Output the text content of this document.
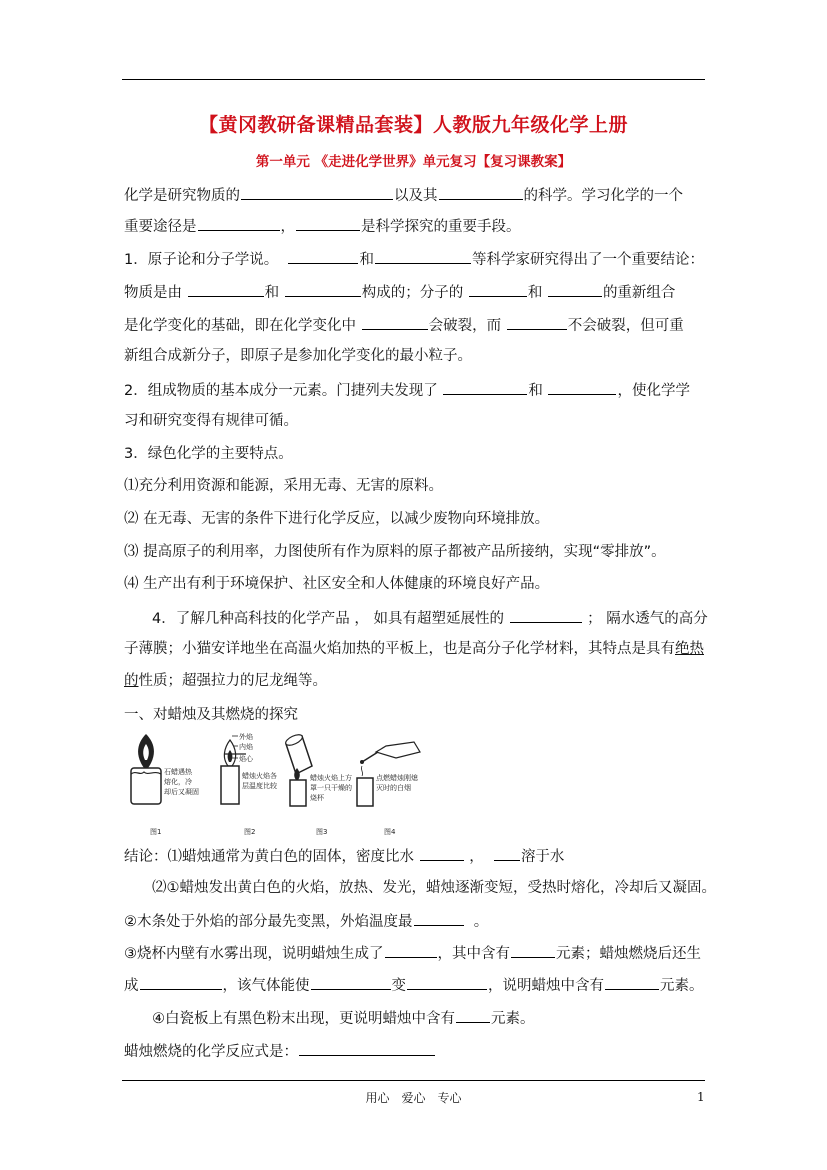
【黄冈教研备课精品套装】人教版九年级化学上册
第一单元 《走进化学世界》单元复习【复习课教案】
化学是研究物质的	以及其	的科学。学习化学的一个
重要途径是	，	是科学探究的重要手段。
1．原子论和分子学说。	和	等科学家研究得出了一个重要结论：
物质是由	和	构成的；分子的	和	的重新组合
是化学变化的基础，即在化学变化中	会破裂，而	不会破裂，但可重
新组合成新分子，即原子是参加化学变化的最小粒子。
2．组成物质的基本成分一元素。门捷列夫发现了	和	，使化学学
习和研究变得有规律可循。
3．绿色化学的主要特点。
⑴充分利用资源和能源，采用无毒、无害的原料。
⑵ 在无毒、无害的条件下进行化学反应，以减少废物向环境排放。
⑶ 提高原子的利用率，力图使所有作为原料的原子都被产品所接纳，实现“零排放”。
⑷ 生产出有利于环境保护、社区安全和人体健康的环境良好产品。
4．了解几种高科技的化学产品 ， 如具有超塑延展性的	； 隔水透气的高分
子薄膜；小猫安详地坐在高温火焰加热的平板上，也是高分子化学材料，其特点是具有绝热
的性质；超强拉力的尼龙绳等。
一、对蜡烛及其燃烧的探究
石蜡遇热
熔化，冷
却后又凝固
图1
外焰
内焰
焰心
蜡烛火焰各
层温度比较
图2
蜡烛火焰上方
罩一只干燥的
烧杯
图3
点燃蜡烛刚熄
灭时的白烟
图4
结论：⑴蜡烛通常为黄白色的固体，密度比水	，	溶于水
⑵①蜡烛发出黄白色的火焰，放热、发光，蜡烛逐渐变短，受热时熔化，冷却后又凝固。
②木条处于外焰的部分最先变黑，外焰温度最	。
③烧杯内壁有水雾出现，说明蜡烛生成了	，其中含有	元素；蜡烛燃烧后还生
成	，该气体能使	变	，说明蜡烛中含有	元素。
④白瓷板上有黑色粉末出现，更说明蜡烛中含有 元素。
蜡烛燃烧的化学反应式是：
用心　爱心　专心	1
